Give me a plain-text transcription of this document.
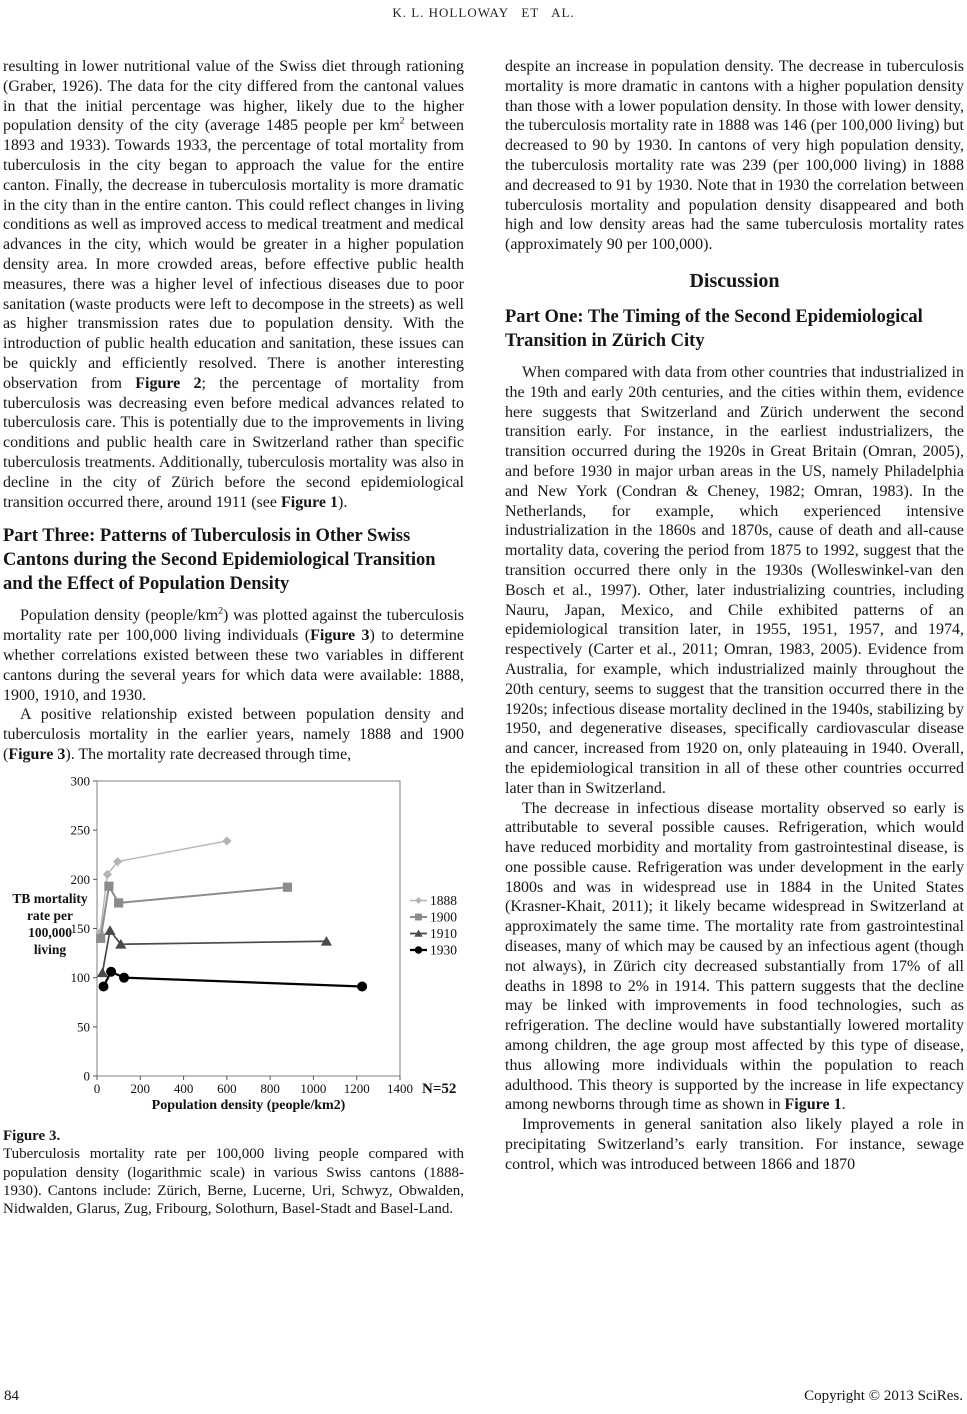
K. L. HOLLOWAY   ET   AL.

resulting in lower nutritional value of the Swiss diet through rationing (Graber, 1926). The data for the city differed from the cantonal values in that the initial percentage was higher, likely due to the higher population density of the city (average 1485 people per $km^2$ between 1893 and 1933). Towards 1933, the percentage of total mortality from tuberculosis in the city began to approach the value for the entire canton. Finally, the decrease in tuberculosis mortality is more dramatic in the city than in the entire canton. This could reflect changes in living conditions as well as improved access to medical treatment and medical advances in the city, which would be greater in a higher population density area. In more crowded areas, before effective public health measures, there was a higher level of infectious diseases due to poor sanitation (waste products were left to decompose in the streets) as well as higher transmission rates due to population density. With the introduction of public health education and sanitation, these issues can be quickly and efficiently resolved. There is another interesting observation from Figure 2; the percentage of mortality from tuberculosis was decreasing even before medical advances related to tuberculosis care. This is potentially due to the improvements in living conditions and public health care in Switzerland rather than specific tuberculosis treatments. Additionally, tuberculosis mortality was also in decline in the city of Zürich before the second epidemiological transition occurred there, around 1911 (see Figure 1).

Part Three: Patterns of Tuberculosis in Other Swiss Cantons during the Second Epidemiological Transition and the Effect of Population Density

Population density $(people/km^2)$ was plotted against the tuberculosis mortality rate per 100,000 living individuals (Figure 3) to determine whether correlations existed between these two variables in different cantons during the several years for which data were available: 1888, 1900, 1910, and 1930.

A positive relationship existed between population density and tuberculosis mortality in the earlier years, namely 1888 and 1900 (Figure 3). The mortality rate decreased through time,

0
50
100
150
200
250
300
0 200 400 600 800 1000 1200 1400
TB mortality
rate per
100,000
living
Population density (people/km2)
N=52
1888
1900
1910
1930
Figure 3.
Tuberculosis mortality rate per 100,000 living people compared with population density (logarithmic scale) in various Swiss cantons (1888-1930). Cantons include: Zürich, Berne, Lucerne, Uri, Schwyz, Obwalden, Nidwalden, Glarus, Zug, Fribourg, Solothurn, Basel-Stadt and Basel-Land.

despite an increase in population density. The decrease in tuberculosis mortality is more dramatic in cantons with a higher population density than those with a lower population density. In those with lower density, the tuberculosis mortality rate in 1888 was 146 (per 100,000 living) but decreased to 90 by 1930. In cantons of very high population density, the tuberculosis mortality rate was 239 (per 100,000 living) in 1888 and decreased to 91 by 1930. Note that in 1930 the correlation between tuberculosis mortality and population density disappeared and both high and low density areas had the same tuberculosis mortality rates (approximately 90 per 100,000).

Discussion
Part One: The Timing of the Second Epidemiological Transition in Zürich City

When compared with data from other countries that industrialized in the 19th and early 20th centuries, and the cities within them, evidence here suggests that Switzerland and Zürich underwent the second transition early. For instance, in the earliest industrializers, the transition occurred during the 1920s in Great Britain (Omran, 2005), and before 1930 in major urban areas in the US, namely Philadelphia and New York (Condran & Cheney, 1982; Omran, 1983). In the Netherlands, for example, which experienced intensive industrialization in the 1860s and 1870s, cause of death and all-cause mortality data, covering the period from 1875 to 1992, suggest that the transition occurred there only in the 1930s (Wolleswinkel-van den Bosch et al., 1997). Other, later industrializing countries, including Nauru, Japan, Mexico, and Chile exhibited patterns of an epidemiological transition later, in 1955, 1951, 1957, and 1974, respectively (Carter et al., 2011; Omran, 1983, 2005). Evidence from Australia, for example, which industrialized mainly throughout the 20th century, seems to suggest that the transition occurred there in the 1920s; infectious disease mortality declined in the 1940s, stabilizing by 1950, and degenerative diseases, specifically cardiovascular disease and cancer, increased from 1920 on, only plateauing in 1940. Overall, the epidemiological transition in all of these other countries occurred later than in Switzerland.

The decrease in infectious disease mortality observed so early is attributable to several possible causes. Refrigeration, which would have reduced morbidity and mortality from gastrointestinal disease, is one possible cause. Refrigeration was under development in the early 1800s and was in widespread use in 1884 in the United States (Krasner-Khait, 2011); it likely became widespread in Switzerland at approximately the same time. The mortality rate from gastrointestinal diseases, many of which may be caused by an infectious agent (though not always), in Zürich city decreased substantially from 17% of all deaths in 1898 to 2% in 1914. This pattern suggests that the decline may be linked with improvements in food technologies, such as refrigeration. The decline would have substantially lowered mortality among children, the age group most affected by this type of disease, thus allowing more individuals within the population to reach adulthood. This theory is supported by the increase in life expectancy among newborns through time as shown in Figure 1.

Improvements in general sanitation also likely played a role in precipitating Switzerland’s early transition. For instance, sewage control, which was introduced between 1866 and 1870

84	Copyright © 2013 SciRes.
